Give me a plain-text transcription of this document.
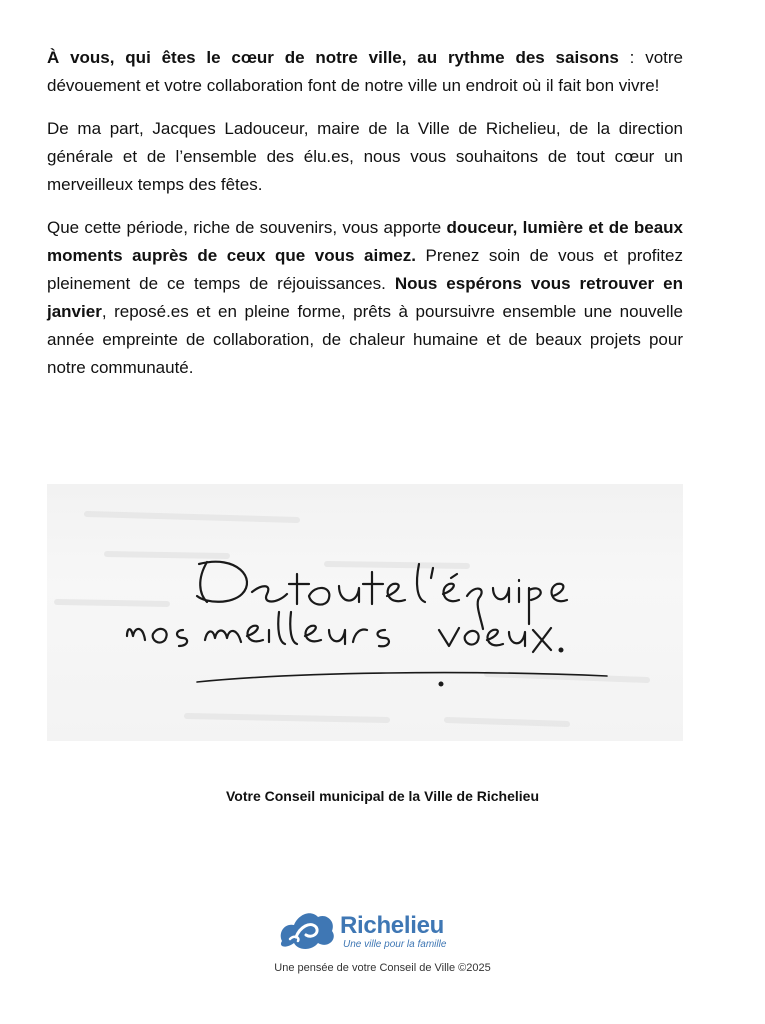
À vous, qui êtes le cœur de notre ville, au rythme des saisons : votre dévouement et votre collaboration font de notre ville un endroit où il fait bon vivre!

De ma part, Jacques Ladouceur, maire de la Ville de Richelieu, de la direction générale et de l’ensemble des élu.es, nous vous souhaitons de tout cœur un merveilleux temps des fêtes.

Que cette période, riche de souvenirs, vous apporte douceur, lumière et de beaux moments auprès de ceux que vous aimez. Prenez soin de vous et profitez pleinement de ce temps de réjouissances. Nous espérons vous retrouver en janvier, reposé.es et en pleine forme, prêts à poursuivre ensemble une nouvelle année empreinte de collaboration, de chaleur humaine et de beaux projets pour notre communauté.

Votre Conseil municipal de la Ville de Richelieu
Richelieu
Une ville pour la famille
Une pensée de votre Conseil de Ville ©2025
